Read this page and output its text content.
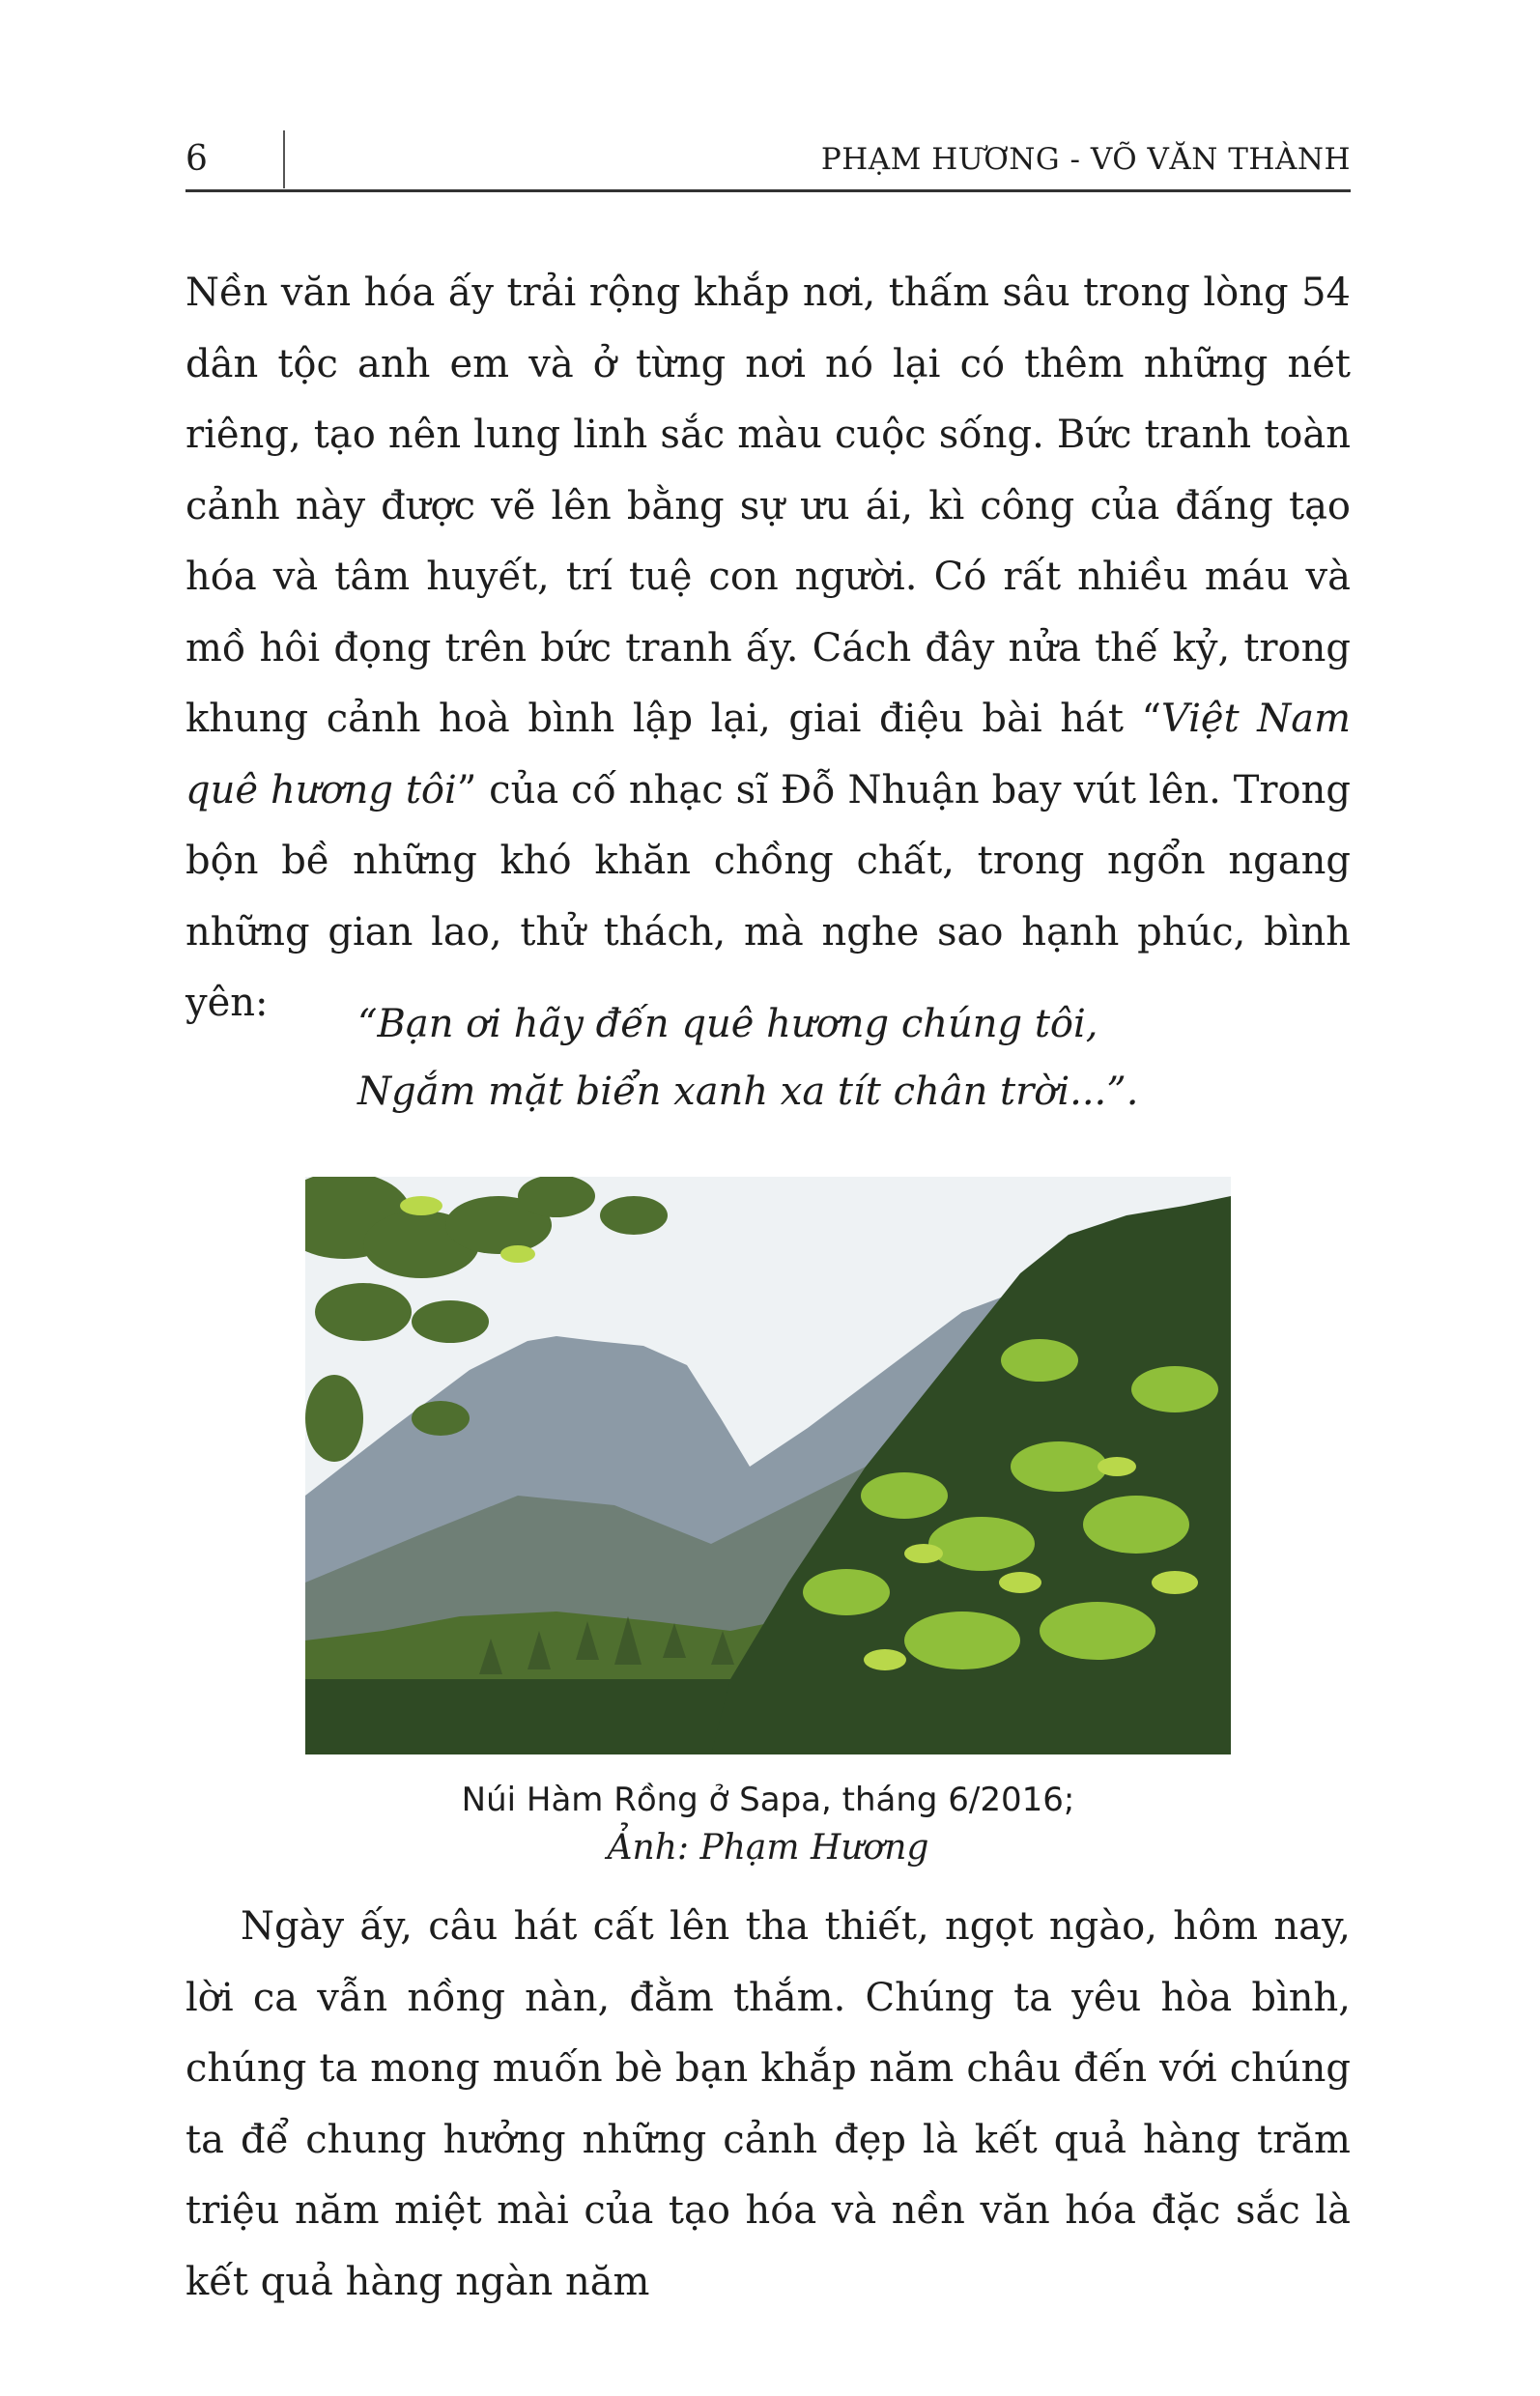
6	PHẠM HƯƠNG - VÕ VĂN THÀNH

Nền văn hóa ấy trải rộng khắp nơi, thấm sâu trong lòng 54 dân tộc anh em và ở từng nơi nó lại có thêm những nét riêng, tạo nên lung linh sắc màu cuộc sống. Bức tranh toàn cảnh này được vẽ lên bằng sự ưu ái, kì công của đấng tạo hóa và tâm huyết, trí tuệ con người. Có rất nhiều máu và mồ hôi đọng trên bức tranh ấy. Cách đây nửa thế kỷ, trong khung cảnh hoà bình lập lại, giai điệu bài hát “Việt Nam quê hương tôi” của cố nhạc sĩ Đỗ Nhuận bay vút lên. Trong bộn bề những khó khăn chồng chất, trong ngổn ngang những gian lao, thử thách, mà nghe sao hạnh phúc, bình yên:	“Bạn ơi hãy đến quê hương chúng tôi,
Ngắm mặt biển xanh xa tít chân trời...”.
Núi Hàm Rồng ở Sapa, tháng 6/2016;
Ảnh: Phạm Hương

Ngày ấy, câu hát cất lên tha thiết, ngọt ngào, hôm nay, lời ca vẫn nồng nàn, đằm thắm. Chúng ta yêu hòa bình, chúng ta mong muốn bè bạn khắp năm châu đến với chúng ta để chung hưởng những cảnh đẹp là kết quả hàng trăm triệu năm miệt mài của tạo hóa và nền văn hóa đặc sắc là kết quả hàng ngàn năm
